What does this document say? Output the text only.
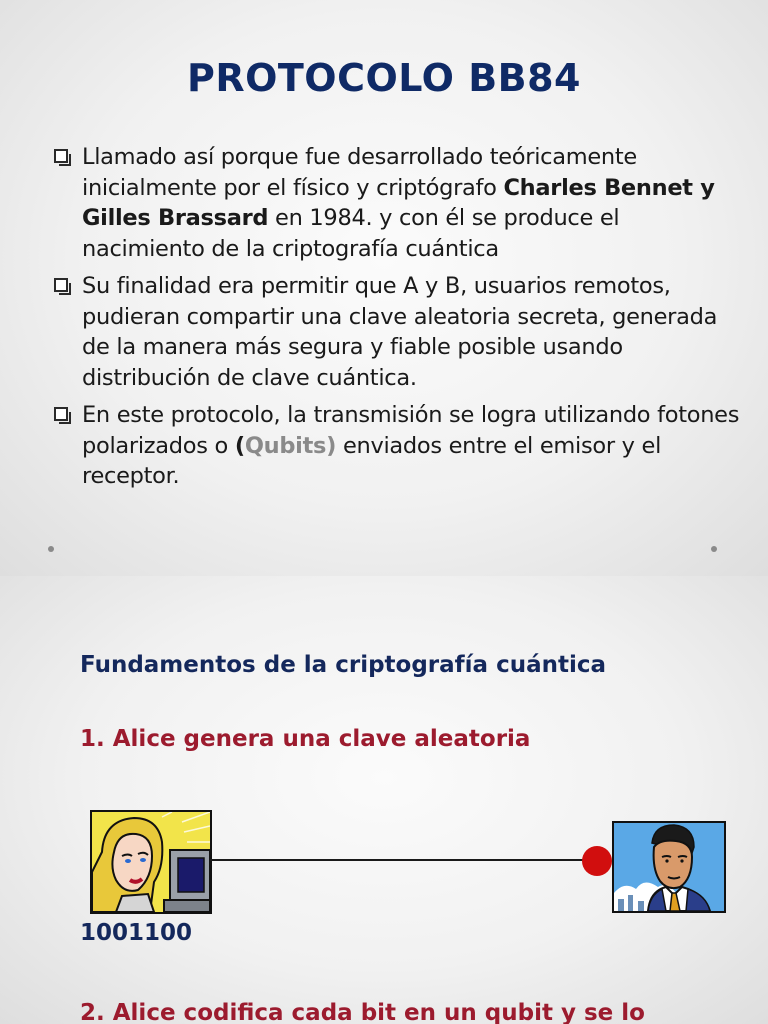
PROTOCOLO BB84
Llamado así porque fue desarrollado teóricamente inicialmente por el físico y criptógrafo Charles Bennet y Gilles Brassard en 1984. y con él se produce el nacimiento de la criptografía cuántica
Su finalidad era permitir que A y B, usuarios remotos, pudieran compartir una clave aleatoria secreta, generada de la manera más segura y fiable posible usando distribución de clave cuántica.
En este protocolo, la transmisión se logra utilizando fotones polarizados o (Qubits) enviados entre el emisor y el receptor.
Fundamentos de la criptografía cuántica
1. Alice genera una clave aleatoria
1001100
2. Alice codifica cada bit en un qubit y se lo
